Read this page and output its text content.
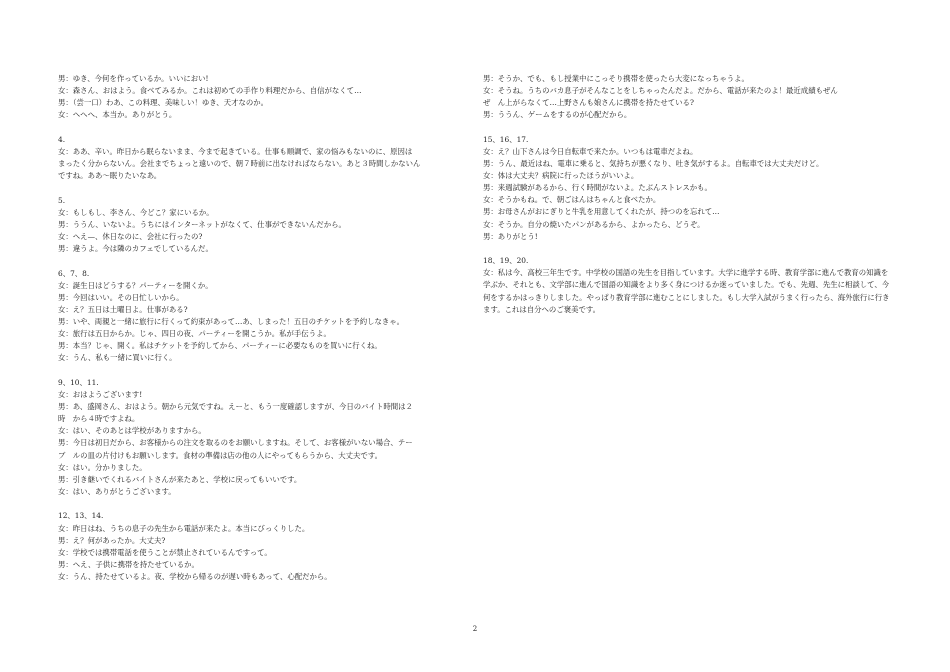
男：ゆき、今何を作っているか。いいにおい!
女：森さん、おはよう。食べてみるか。これは初めての手作り料理だから、自信がなくて…
男：（尝一口）わあ、この料理、美味しい！ゆき、天才なのか。
女：へへへ、本当か。ありがとう。
4.
女：ああ、辛い。昨日から眠らないまま、今まで起きている。仕事も順調で、家の悩みもないのに、原因は
まったく分からないん。会社までちょっと遠いので、朝７時前に出なければならない。あと３時間しかないん
ですね。ああ～眠りたいなあ。
5.
女：もしもし、李さん、今どこ？家にいるか。
男：ううん、いないよ。うちにはインターネットがなくて、仕事ができないんだから。
女：へえ—、休日なのに、会社に行ったの?
男：違うよ。今は隣のカフェでしているんだ。
6、7、8.
女：誕生日はどうする？パーティーを開くか。
男：今回はいい。その日忙しいから。
女：え？五日は土曜日よ。仕事がある?
男：いや、両親と一緒に旅行に行くって約束があって…あ、しまった！五日のチケットを予約しなきゃ。
女：旅行は五日からか。じゃ、四日の夜、パーティーを開こうか。私が手伝うよ。
男：本当？じゃ、開く。私はチケットを予約してから、パーティーに必要なものを買いに行くね。
女：うん、私も一緒に買いに行く。
9、10、11.
女：おはようございます!
男：あ、盛岡さん、おはよう。朝から元気ですね。えーと、もう一度確認しますが、今日のバイト時間は２
時　から４時ですよね。
女：はい、そのあとは学校がありますから。
男：今日は初日だから、お客様からの注文を取るのをお願いしますね。そして、お客様がいない場合、テー
ブ　ルの皿の片付けもお願いします。食材の準備は店の他の人にやってもらうから、大丈夫です。
女：はい。分かりました。
男：引き継いでくれるバイトさんが来たあと、学校に戻ってもいいです。
女：はい、ありがとうございます。
12、13、14.
女：昨日はね、うちの息子の先生から電話が来たよ。本当にびっくりした。
男：え？何があったか。大丈夫?
女：学校では携帯電話を使うことが禁止されているんですって。
男：へえ、子供に携帯を持たせているか。
女：うん、持たせているよ。夜、学校から帰るのが遅い時もあって、心配だから。
男：そうか、でも、もし授業中にこっそり携帯を使ったら大変になっちゃうよ。
女：そうね。うちのバカ息子がそんなことをしちゃったんだよ。だから、電話が来たのよ！最近成績もぜん
ぜ　ん上がらなくて…上野さんも娘さんに携帯を持たせている?
男：ううん、ゲームをするのが心配だから。
15、16、17.
女：え？山下さんは今日自転車で来たか。いつもは電車だよね。
男：うん、最近はね、電車に乗ると、気持ちが悪くなり、吐き気がするよ。自転車では大丈夫だけど。
女：体は大丈夫？病院に行ったほうがいいよ。
男：来週試験があるから、行く時間がないよ。たぶんストレスかも。
女：そうかもね。で、朝ごはんはちゃんと食べたか。
男：お母さんがおにぎりと牛乳を用意してくれたが、持つのを忘れて…
女：そうか。自分の焼いたパンがあるから、よかったら、どうぞ。
男：ありがとう!
18、19、20.
女：私は今、高校三年生です。中学校の国語の先生を目指しています。大学に進学する時、教育学部に進んで教育の知識を学ぶか、それとも、文学部に進んで国語の知識をより多く身につけるか迷っていました。でも、先週、先生に相談して、今何をするかはっきりしました。やっぱり教育学部に進むことにしました。もし大学入試がうまく行ったら、海外旅行に行きます。これは自分へのご褒美です。
2
